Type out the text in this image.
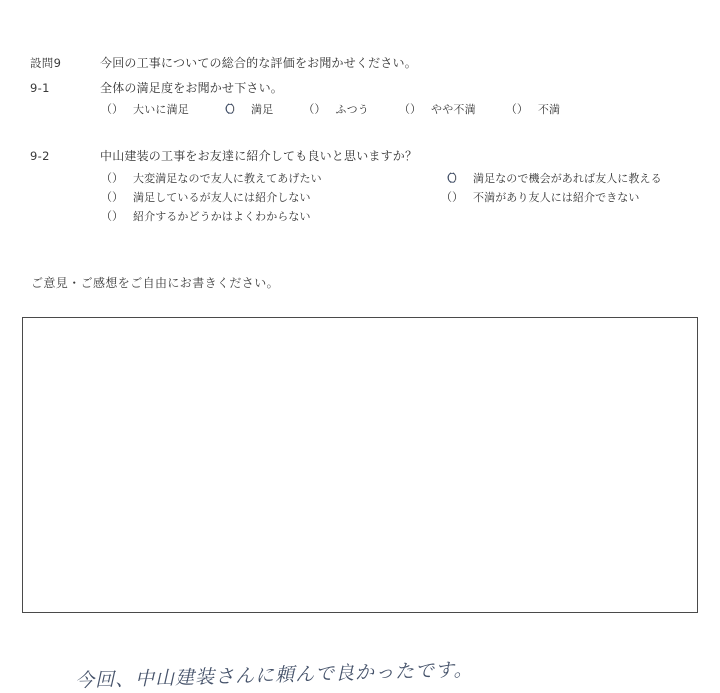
設問9	今回の工事についての総合的な評価をお聞かせください。
9-1	全体の満足度をお聞かせ下さい。
（） 大いに満足	（） 満足	（） ふつう	（） やや不満	（） 不満
9-2	中山建装の工事をお友達に紹介しても良いと思いますか？
（） 大変満足なので友人に教えてあげたい	（） 満足なので機会があれば友人に教える
（） 満足しているが友人には紹介しない	（） 不満があり友人には紹介できない
（） 紹介するかどうかはよくわからない
ご意見・ご感想をご自由にお書きください。
今回、中山建装さんに頼んで良かったです。
